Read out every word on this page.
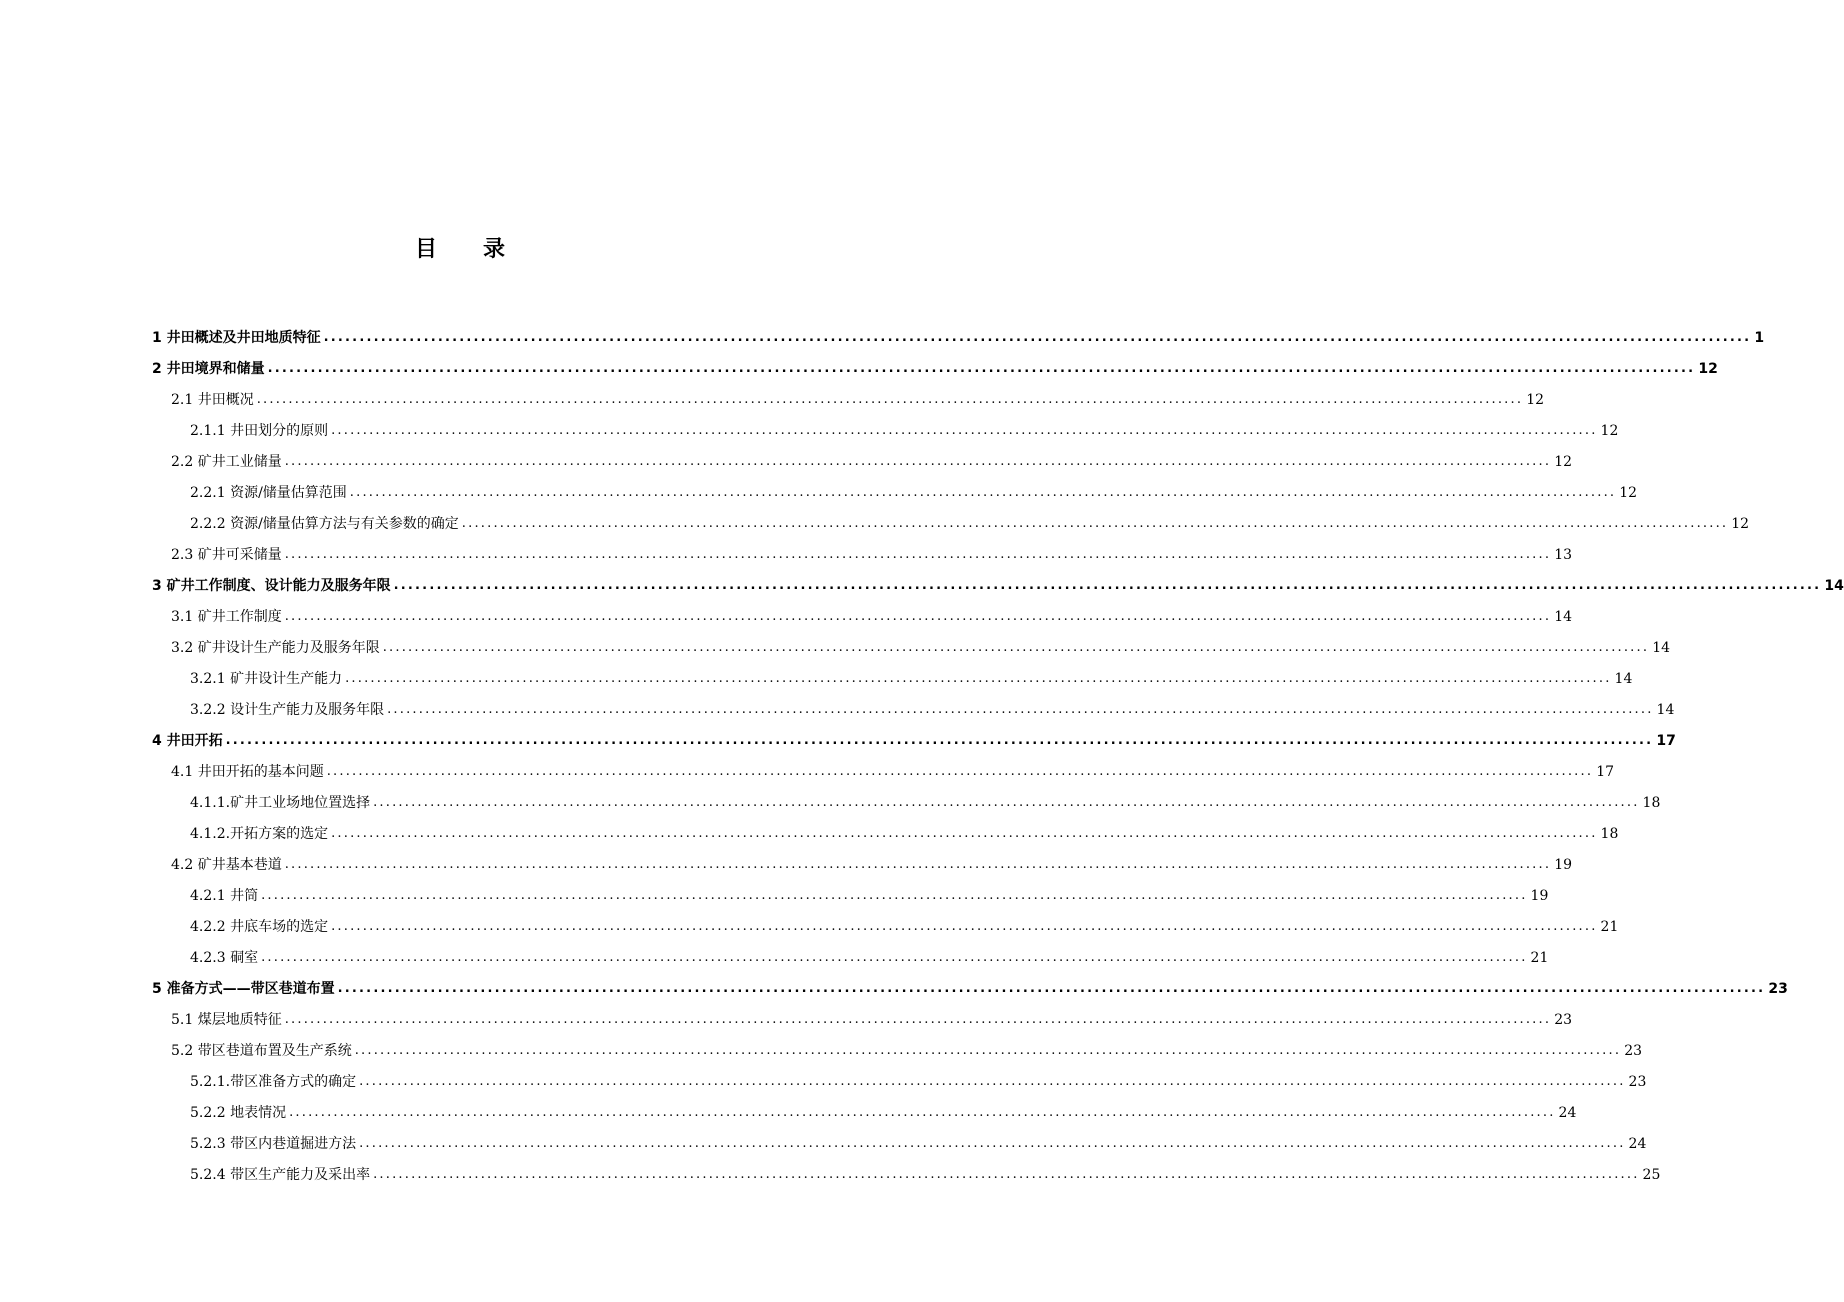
目 录
1 井田概述及井田地质特征 ........................................................................................................................................................................................................ 1
2 井田境界和储量 ........................................................................................................................................................................................................ 12
2.1 井田概况 ........................................................................................................................................................................................................ 12
2.1.1 井田划分的原则 ........................................................................................................................................................................................................ 12
2.2 矿井工业储量 ........................................................................................................................................................................................................ 12
2.2.1 资源/储量估算范围 ........................................................................................................................................................................................................ 12
2.2.2 资源/储量估算方法与有关参数的确定 ........................................................................................................................................................................................................ 12
2.3 矿井可采储量 ........................................................................................................................................................................................................ 13
3 矿井工作制度、设计能力及服务年限 ........................................................................................................................................................................................................ 14
3.1 矿井工作制度 ........................................................................................................................................................................................................ 14
3.2 矿井设计生产能力及服务年限 ........................................................................................................................................................................................................ 14
3.2.1 矿井设计生产能力 ........................................................................................................................................................................................................ 14
3.2.2 设计生产能力及服务年限 ........................................................................................................................................................................................................ 14
4 井田开拓 ........................................................................................................................................................................................................ 17
4.1 井田开拓的基本问题 ........................................................................................................................................................................................................ 17
4.1.1.矿井工业场地位置选择 ........................................................................................................................................................................................................ 18
4.1.2.开拓方案的选定 ........................................................................................................................................................................................................ 18
4.2 矿井基本巷道 ........................................................................................................................................................................................................ 19
4.2.1 井筒 ........................................................................................................................................................................................................ 19
4.2.2 井底车场的选定 ........................................................................................................................................................................................................ 21
4.2.3 硐室 ........................................................................................................................................................................................................ 21
5 准备方式——带区巷道布置 ........................................................................................................................................................................................................ 23
5.1 煤层地质特征 ........................................................................................................................................................................................................ 23
5.2 带区巷道布置及生产系统 ........................................................................................................................................................................................................ 23
5.2.1.带区准备方式的确定 ........................................................................................................................................................................................................ 23
5.2.2 地表情况 ........................................................................................................................................................................................................ 24
5.2.3 带区内巷道掘进方法 ........................................................................................................................................................................................................ 24
5.2.4 带区生产能力及采出率 ........................................................................................................................................................................................................ 25
